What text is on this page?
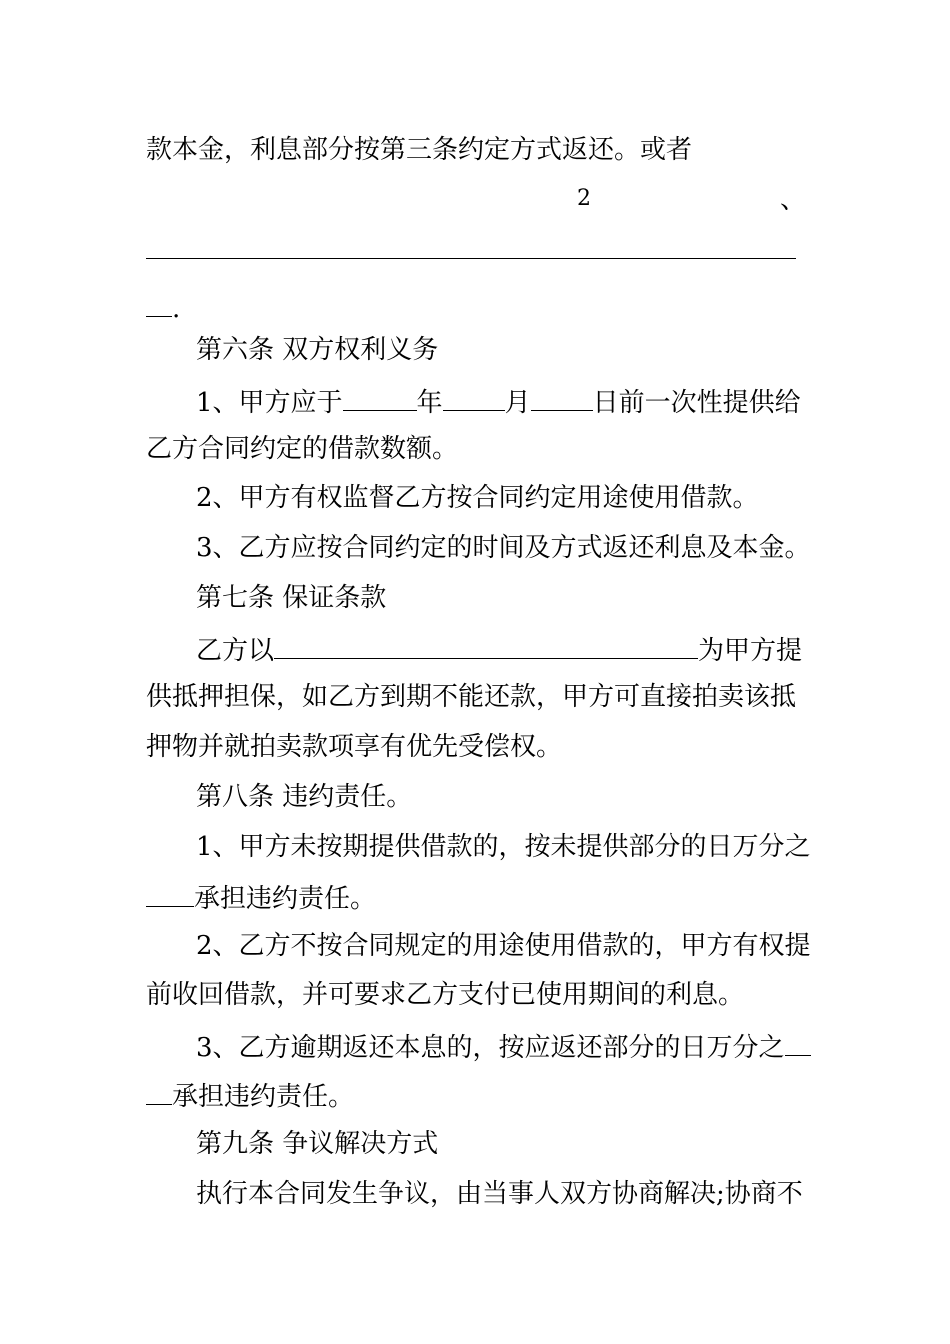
款本金，利息部分按第三条约定方式返还。或者
2	、
.
第六条 双方权利义务
1、甲方应于	年 月 日前一次性提供给
乙方合同约定的借款数额。
2、甲方有权监督乙方按合同约定用途使用借款。
3、乙方应按合同约定的时间及方式返还利息及本金。
第七条 保证条款
乙方以	为甲方提
供抵押担保，如乙方到期不能还款，甲方可直接拍卖该抵
押物并就拍卖款项享有优先受偿权。
第八条 违约责任。
1、甲方未按期提供借款的，按未提供部分的日万分之
承担违约责任。
2、乙方不按合同规定的用途使用借款的，甲方有权提
前收回借款，并可要求乙方支付已使用期间的利息。
3、乙方逾期返还本息的，按应返还部分的日万分之
承担违约责任。
第九条 争议解决方式
执行本合同发生争议，由当事人双方协商解决;协商不
